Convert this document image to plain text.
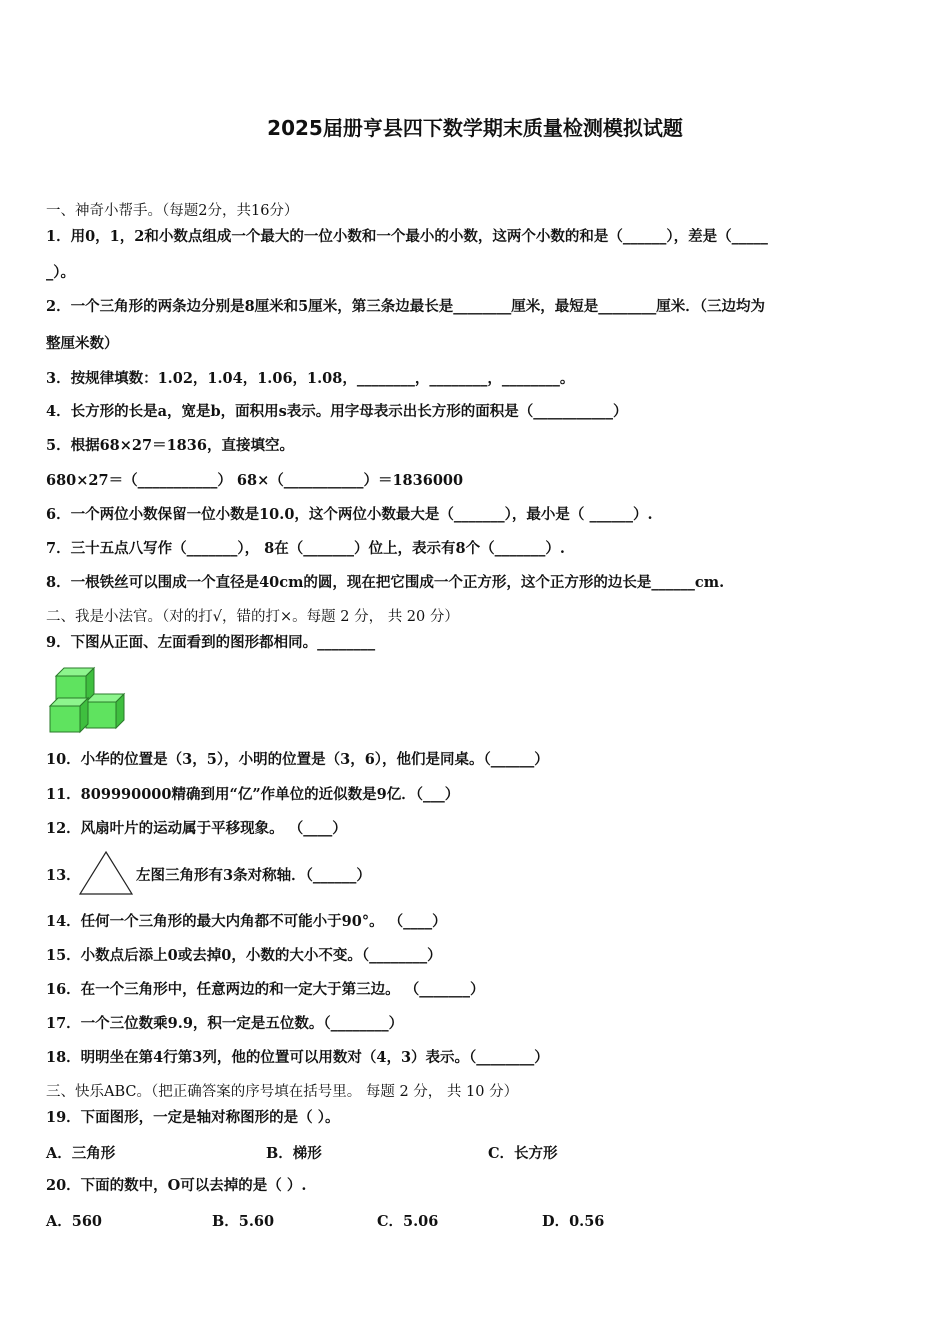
2025届册亨县四下数学期末质量检测模拟试题
一、神奇小帮手。（每题2分，共16分）
1．用0，1，2和小数点组成一个最大的一位小数和一个最小的小数，这两个小数的和是（______），差是（_____
_）。
2．一个三角形的两条边分别是8厘米和5厘米，第三条边最长是________厘米，最短是________厘米．（三边均为
整厘米数）
3．按规律填数：1.02，1.04，1.06，1.08，________，________，________。
4．长方形的长是a，宽是b，面积用s表示。用字母表示出长方形的面积是（___________）
5．根据68×27＝1836，直接填空。
680×27＝（___________） 68×（___________）＝1836000
6．一个两位小数保留一位小数是10.0，这个两位小数最大是（_______），最小是（ ______）.
7．三十五点八写作（_______）， 8在（_______）位上，表示有8个（_______）.
8．一根铁丝可以围成一个直径是40cm的圆，现在把它围成一个正方形，这个正方形的边长是______cm.
二、我是小法官。（对的打√，错的打×。每题 2 分， 共 20 分）
9．下图从正面、左面看到的图形都相同。________
10．小华的位置是（3，5），小明的位置是（3，6），他们是同桌。（______）
11．809990000精确到用“亿”作单位的近似数是9亿．（___）
12．风扇叶片的运动属于平移现象。 （____）
13．	左图三角形有3条对称轴．（______）
14．任何一个三角形的最大内角都不可能小于90°。 （____）
15．小数点后添上0或去掉0，小数的大小不变。（________）
16．在一个三角形中，任意两边的和一定大于第三边。 （_______）
17．一个三位数乘9.9，积一定是五位数。（________）
18．明明坐在第4行第3列，他的位置可以用数对（4，3）表示。（________）
三、快乐ABC。（把正确答案的序号填在括号里。 每题 2 分， 共 10 分）
19．下面图形，一定是轴对称图形的是（ ）。
A．三角形	B．梯形	C．长方形
20．下面的数中，O可以去掉的是（ ）.
A．560	B．5.60	C．5.06	D．0.56
